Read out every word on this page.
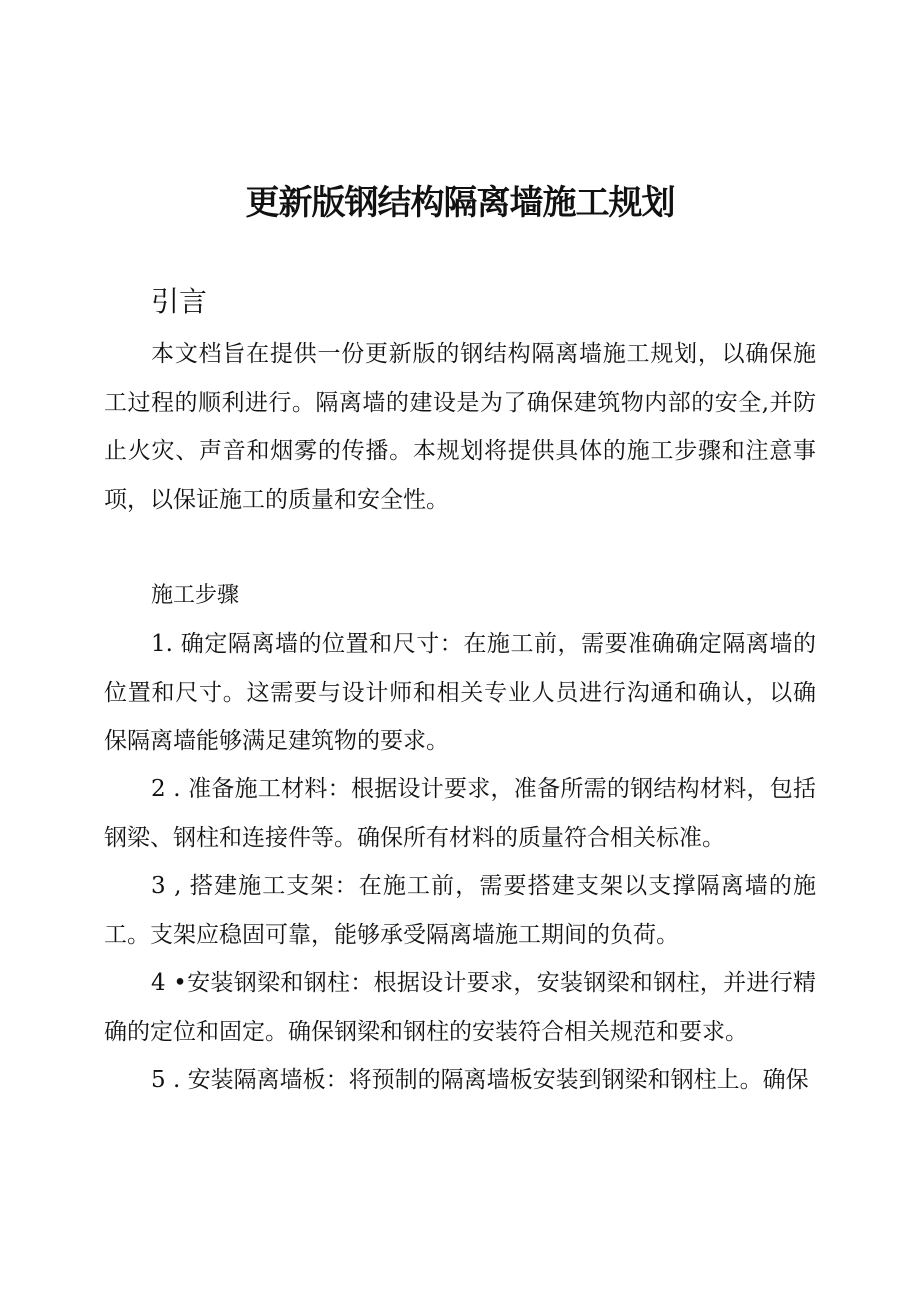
更新版钢结构隔离墙施工规划
引言

本文档旨在提供一份更新版的钢结构隔离墙施工规划，以确保施工过程的顺利进行。隔离墙的建设是为了确保建筑物内部的安全,并防止火灾、声音和烟雾的传播。本规划将提供具体的施工步骤和注意事项，以保证施工的质量和安全性。

施工步骤

1. 确定隔离墙的位置和尺寸：在施工前，需要准确确定隔离墙的位置和尺寸。这需要与设计师和相关专业人员进行沟通和确认，以确保隔离墙能够满足建筑物的要求。

2 . 准备施工材料：根据设计要求，准备所需的钢结构材料，包括钢梁、钢柱和连接件等。确保所有材料的质量符合相关标准。

3 , 搭建施工支架：在施工前，需要搭建支架以支撑隔离墙的施工。支架应稳固可靠，能够承受隔离墙施工期间的负荷。

4 •安装钢梁和钢柱：根据设计要求，安装钢梁和钢柱，并进行精确的定位和固定。确保钢梁和钢柱的安装符合相关规范和要求。

5 . 安装隔离墙板：将预制的隔离墙板安装到钢梁和钢柱上。确保
